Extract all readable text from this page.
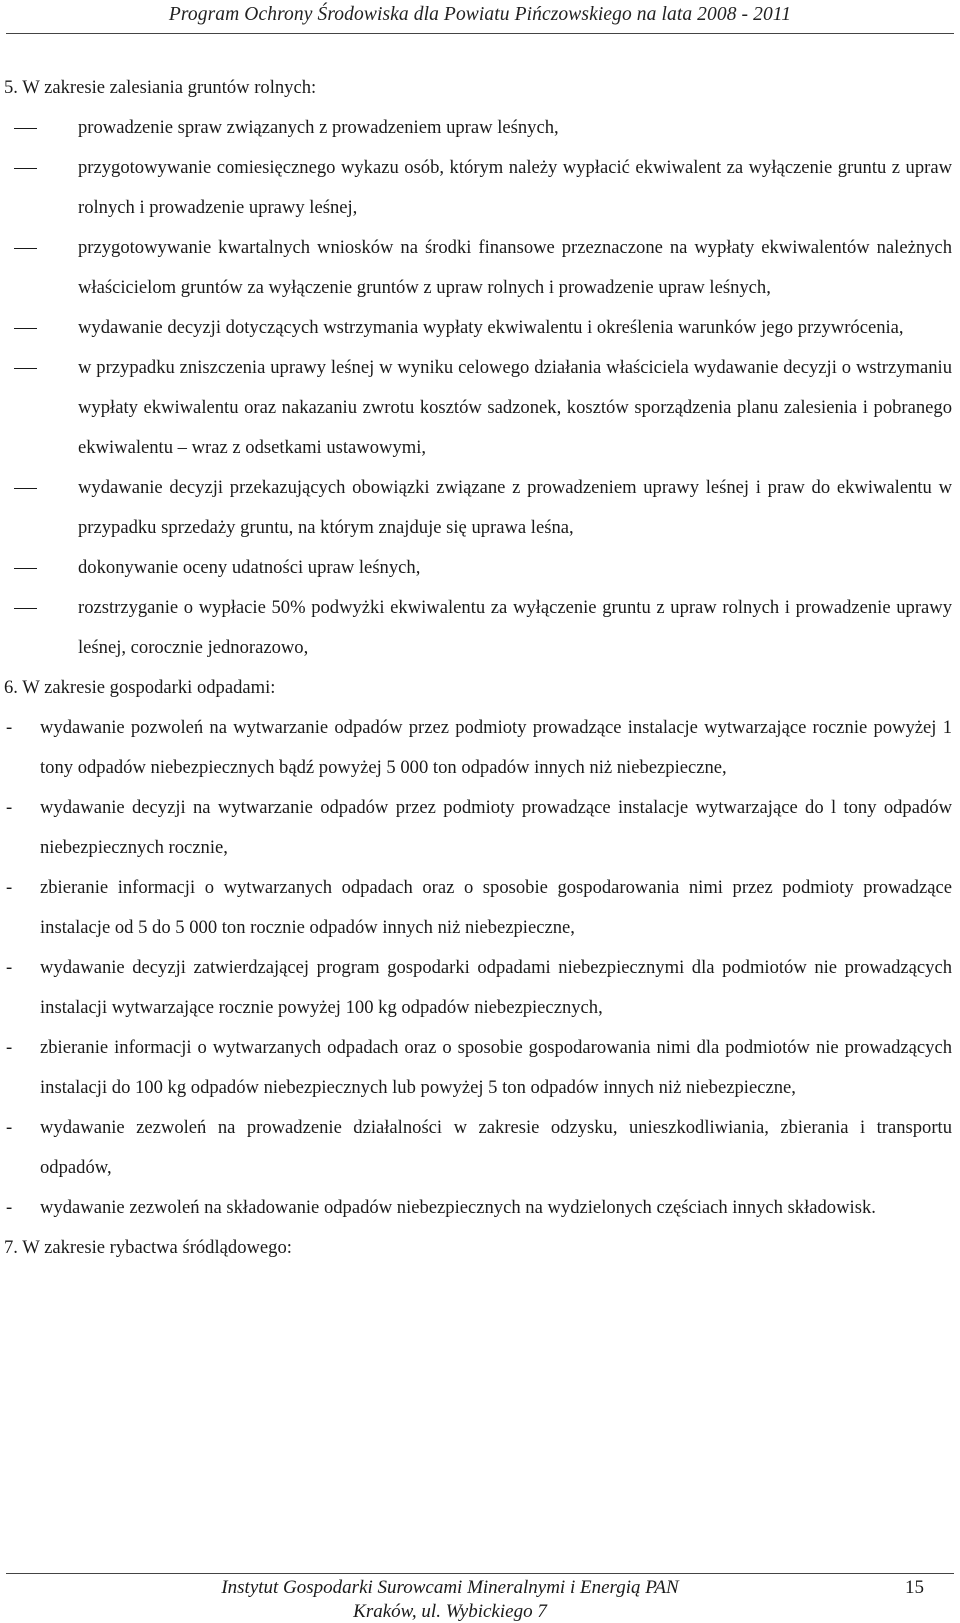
Program Ochrony Środowiska dla Powiatu Pińczowskiego na lata 2008 - 2011
5. W zakresie zalesiania gruntów rolnych:
prowadzenie spraw związanych z prowadzeniem upraw leśnych,
przygotowywanie comiesięcznego wykazu osób, którym należy wypłacić ekwiwalent za wyłączenie gruntu z upraw rolnych i prowadzenie uprawy leśnej,
przygotowywanie kwartalnych wniosków na środki finansowe przeznaczone na wypłaty ekwiwalentów należnych właścicielom gruntów za wyłączenie gruntów z upraw rolnych i prowadzenie upraw leśnych,
wydawanie decyzji dotyczących wstrzymania wypłaty ekwiwalentu i określenia warunków jego przywrócenia,
w przypadku zniszczenia uprawy leśnej w wyniku celowego działania właściciela wydawanie decyzji o wstrzymaniu wypłaty ekwiwalentu oraz nakazaniu zwrotu kosztów sadzonek, kosztów sporządzenia planu zalesienia i pobranego ekwiwalentu – wraz z odsetkami ustawowymi,
wydawanie decyzji przekazujących obowiązki związane z prowadzeniem uprawy leśnej i praw do ekwiwalentu w przypadku sprzedaży gruntu, na którym znajduje się uprawa leśna,
dokonywanie oceny udatności upraw leśnych,
rozstrzyganie o wypłacie 50% podwyżki ekwiwalentu za wyłączenie gruntu z upraw rolnych i prowadzenie uprawy leśnej, corocznie jednorazowo,
6. W zakresie gospodarki odpadami:
- wydawanie pozwoleń na wytwarzanie odpadów przez podmioty prowadzące instalacje wytwarzające rocznie powyżej 1 tony odpadów niebezpiecznych bądź powyżej 5 000 ton odpadów innych niż niebezpieczne,
- wydawanie decyzji na wytwarzanie odpadów przez podmioty prowadzące instalacje wytwarzające do l tony odpadów niebezpiecznych rocznie,
- zbieranie informacji o wytwarzanych odpadach oraz o sposobie gospodarowania nimi przez podmioty prowadzące instalacje od 5 do 5 000 ton rocznie odpadów innych niż niebezpieczne,
- wydawanie decyzji zatwierdzającej program gospodarki odpadami niebezpiecznymi dla podmiotów nie prowadzących instalacji wytwarzające rocznie powyżej 100 kg odpadów niebezpiecznych,
- zbieranie informacji o wytwarzanych odpadach oraz o sposobie gospodarowania nimi dla podmiotów nie prowadzących instalacji do 100 kg odpadów niebezpiecznych lub powyżej 5 ton odpadów innych niż niebezpieczne,
- wydawanie zezwoleń na prowadzenie działalności w zakresie odzysku, unieszkodliwiania, zbierania i transportu odpadów,
- wydawanie zezwoleń na składowanie odpadów niebezpiecznych na wydzielonych częściach innych składowisk.
7. W zakresie rybactwa śródlądowego:
Instytut Gospodarki Surowcami Mineralnymi i Energią PAN
Kraków, ul. Wybickiego 7
15
